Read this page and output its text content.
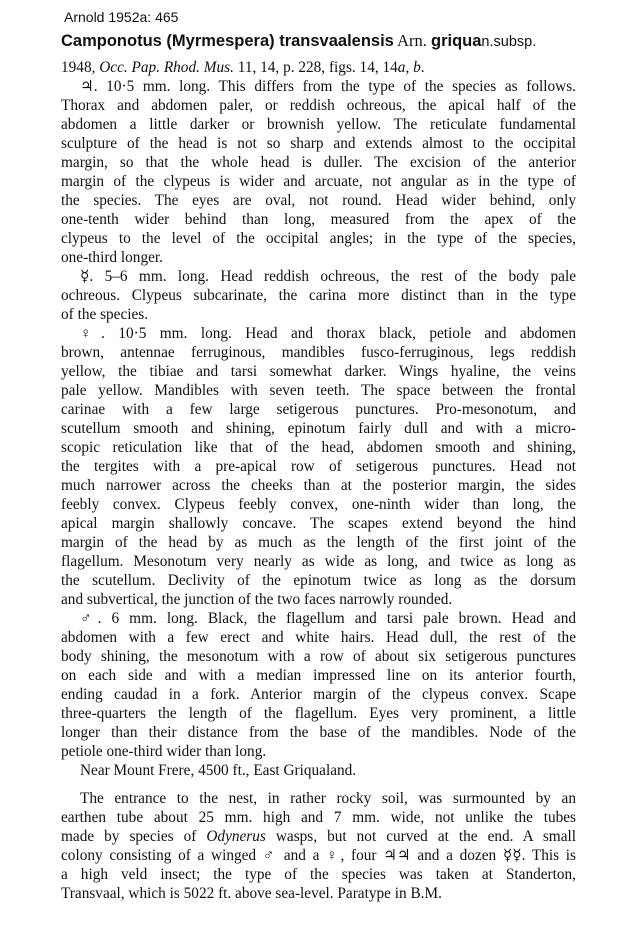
Arnold 1952a: 465
Camponotus (Myrmespera) transvaalensis Arn. griquan.subsp.
1948, Occ. Pap. Rhod. Mus. 11, 14, p. 228, figs. 14, 14a, b.
♃. 10·5 mm. long. This differs from the type of the species as follows.
Thorax and abdomen paler, or reddish ochreous, the apical half of the
abdomen a little darker or brownish yellow. The reticulate fundamental
sculpture of the head is not so sharp and extends almost to the occipital
margin, so that the whole head is duller. The excision of the anterior
margin of the clypeus is wider and arcuate, not angular as in the type of
the species. The eyes are oval, not round. Head wider behind, only
one-tenth wider behind than long, measured from the apex of the
clypeus to the level of the occipital angles; in the type of the species,
one-third longer.
☿. 5–6 mm. long. Head reddish ochreous, the rest of the body pale
ochreous. Clypeus subcarinate, the carina more distinct than in the type
of the species.
♀. 10·5 mm. long. Head and thorax black, petiole and abdomen
brown, antennae ferruginous, mandibles fusco-ferruginous, legs reddish
yellow, the tibiae and tarsi somewhat darker. Wings hyaline, the veins
pale yellow. Mandibles with seven teeth. The space between the frontal
carinae with a few large setigerous punctures. Pro-mesonotum, and
scutellum smooth and shining, epinotum fairly dull and with a micro-
scopic reticulation like that of the head, abdomen smooth and shining,
the tergites with a pre-apical row of setigerous punctures. Head not
much narrower across the cheeks than at the posterior margin, the sides
feebly convex. Clypeus feebly convex, one-ninth wider than long, the
apical margin shallowly concave. The scapes extend beyond the hind
margin of the head by as much as the length of the first joint of the
flagellum. Mesonotum very nearly as wide as long, and twice as long as
the scutellum. Declivity of the epinotum twice as long as the dorsum
and subvertical, the junction of the two faces narrowly rounded.
♂. 6 mm. long. Black, the flagellum and tarsi pale brown. Head and
abdomen with a few erect and white hairs. Head dull, the rest of the
body shining, the mesonotum with a row of about six setigerous punctures
on each side and with a median impressed line on its anterior fourth,
ending caudad in a fork. Anterior margin of the clypeus convex. Scape
three-quarters the length of the flagellum. Eyes very prominent, a little
longer than their distance from the base of the mandibles. Node of the
petiole one-third wider than long.
Near Mount Frere, 4500 ft., East Griqualand.
The entrance to the nest, in rather rocky soil, was surmounted by an
earthen tube about 25 mm. high and 7 mm. wide, not unlike the tubes
made by species of Odynerus wasps, but not curved at the end. A small
colony consisting of a winged ♂ and a ♀, four ♃♃ and a dozen ☿☿. This is
a high veld insect; the type of the species was taken at Standerton,
Transvaal, which is 5022 ft. above sea-level. Paratype in B.M.
